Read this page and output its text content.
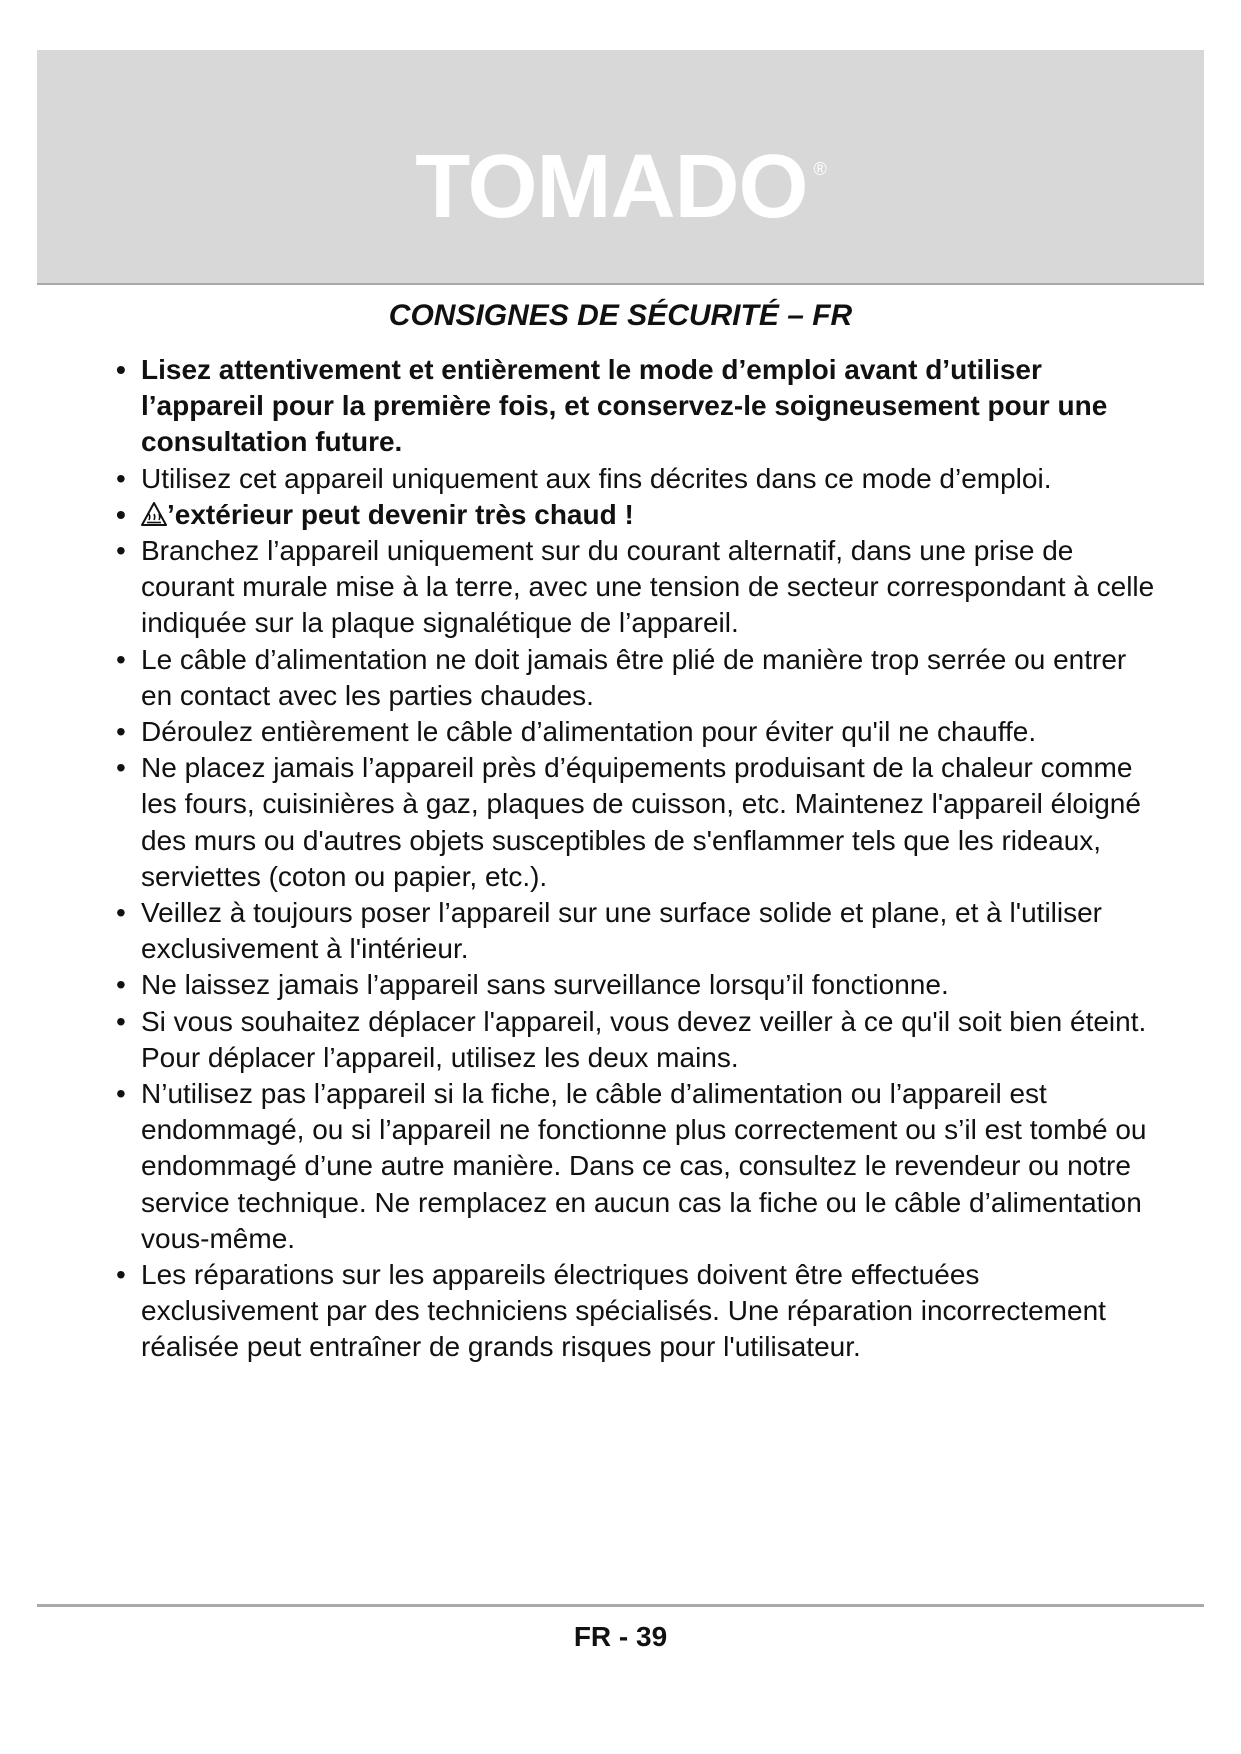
TOMADO ®
CONSIGNES DE SÉCURITÉ – FR
• Lisez attentivement et entièrement le mode d’emploi avant d’utiliser l’appareil pour la première fois, et conservez-le soigneusement pour une consultation future.
• Utilisez cet appareil uniquement aux fins décrites dans ce mode d’emploi.
• ’extérieur peut devenir très chaud !
• Branchez l’appareil uniquement sur du courant alternatif, dans une prise de courant murale mise à la terre, avec une tension de secteur correspondant à celle indiquée sur la plaque signalétique de l’appareil.
• Le câble d’alimentation ne doit jamais être plié de manière trop serrée ou entrer en contact avec les parties chaudes.
• Déroulez entièrement le câble d’alimentation pour éviter qu'il ne chauffe.
• Ne placez jamais l’appareil près d’équipements produisant de la chaleur comme les fours, cuisinières à gaz, plaques de cuisson, etc. Maintenez l'appareil éloigné des murs ou d'autres objets susceptibles de s'enflammer tels que les rideaux, serviettes (coton ou papier, etc.).
• Veillez à toujours poser l’appareil sur une surface solide et plane, et à l'utiliser exclusivement à l'intérieur.
• Ne laissez jamais l’appareil sans surveillance lorsqu’il fonctionne.
• Si vous souhaitez déplacer l'appareil, vous devez veiller à ce qu'il soit bien éteint. Pour déplacer l’appareil, utilisez les deux mains.
• N’utilisez pas l’appareil si la fiche, le câble d’alimentation ou l’appareil est endommagé, ou si l’appareil ne fonctionne plus correctement ou s’il est tombé ou endommagé d’une autre manière. Dans ce cas, consultez le revendeur ou notre service technique. Ne remplacez en aucun cas la fiche ou le câble d’alimentation vous-même.
• Les réparations sur les appareils électriques doivent être effectuées exclusivement par des techniciens spécialisés. Une réparation incorrectement réalisée peut entraîner de grands risques pour l'utilisateur.
FR - 39
